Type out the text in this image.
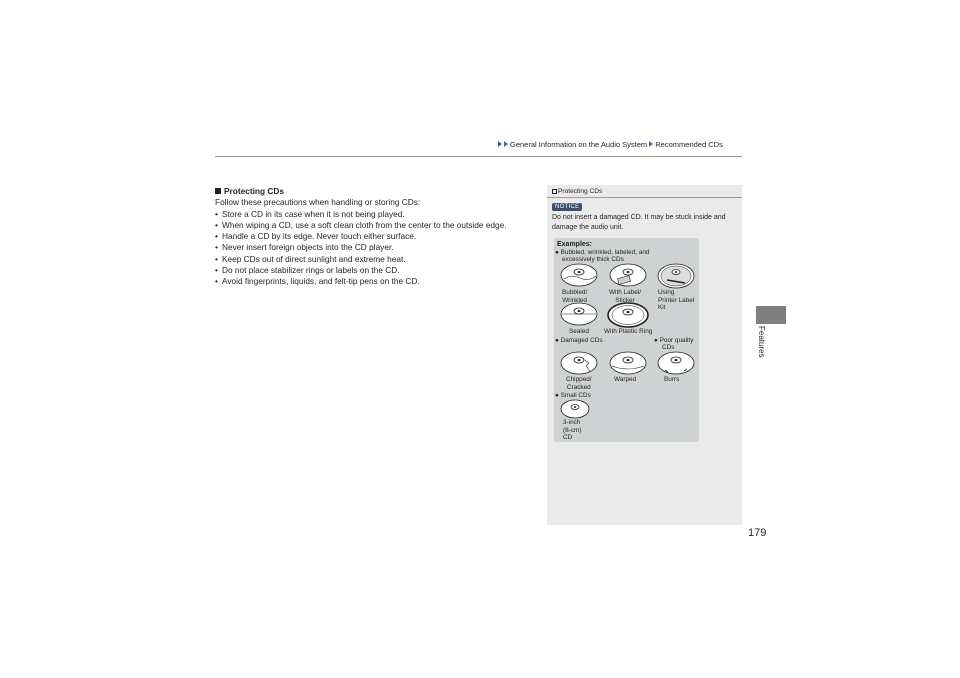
General Information on the Audio System Recommended CDs
Features
179
Protecting CDs
Follow these precautions when handling or storing CDs:
• Store a CD in its case when it is not being played.
• When wiping a CD, use a soft clean cloth from the center to the outside edge.
• Handle a CD by its edge. Never touch either surface.
• Never insert foreign objects into the CD player.
• Keep CDs out of direct sunlight and extreme heat.
• Do not place stabilizer rings or labels on the CD.
• Avoid fingerprints, liquids, and felt-tip pens on the CD.
Protecting CDs
NOTICE
Do not insert a damaged CD. It may be stuck inside and damage the audio unit.
Examples:
● Bubbled, wrinkled, labeled, and
excessively thick CDs
Bubbled/
Wrinkled
With Label/
Sticker
Using
Printer Label
Kit
Sealed With Plastic Ring
● Damaged CDs	● Poor quality
CDs
Chipped/
Cracked
Warped	Burrs
● Small CDs
3-inch
(8-cm)
CD
